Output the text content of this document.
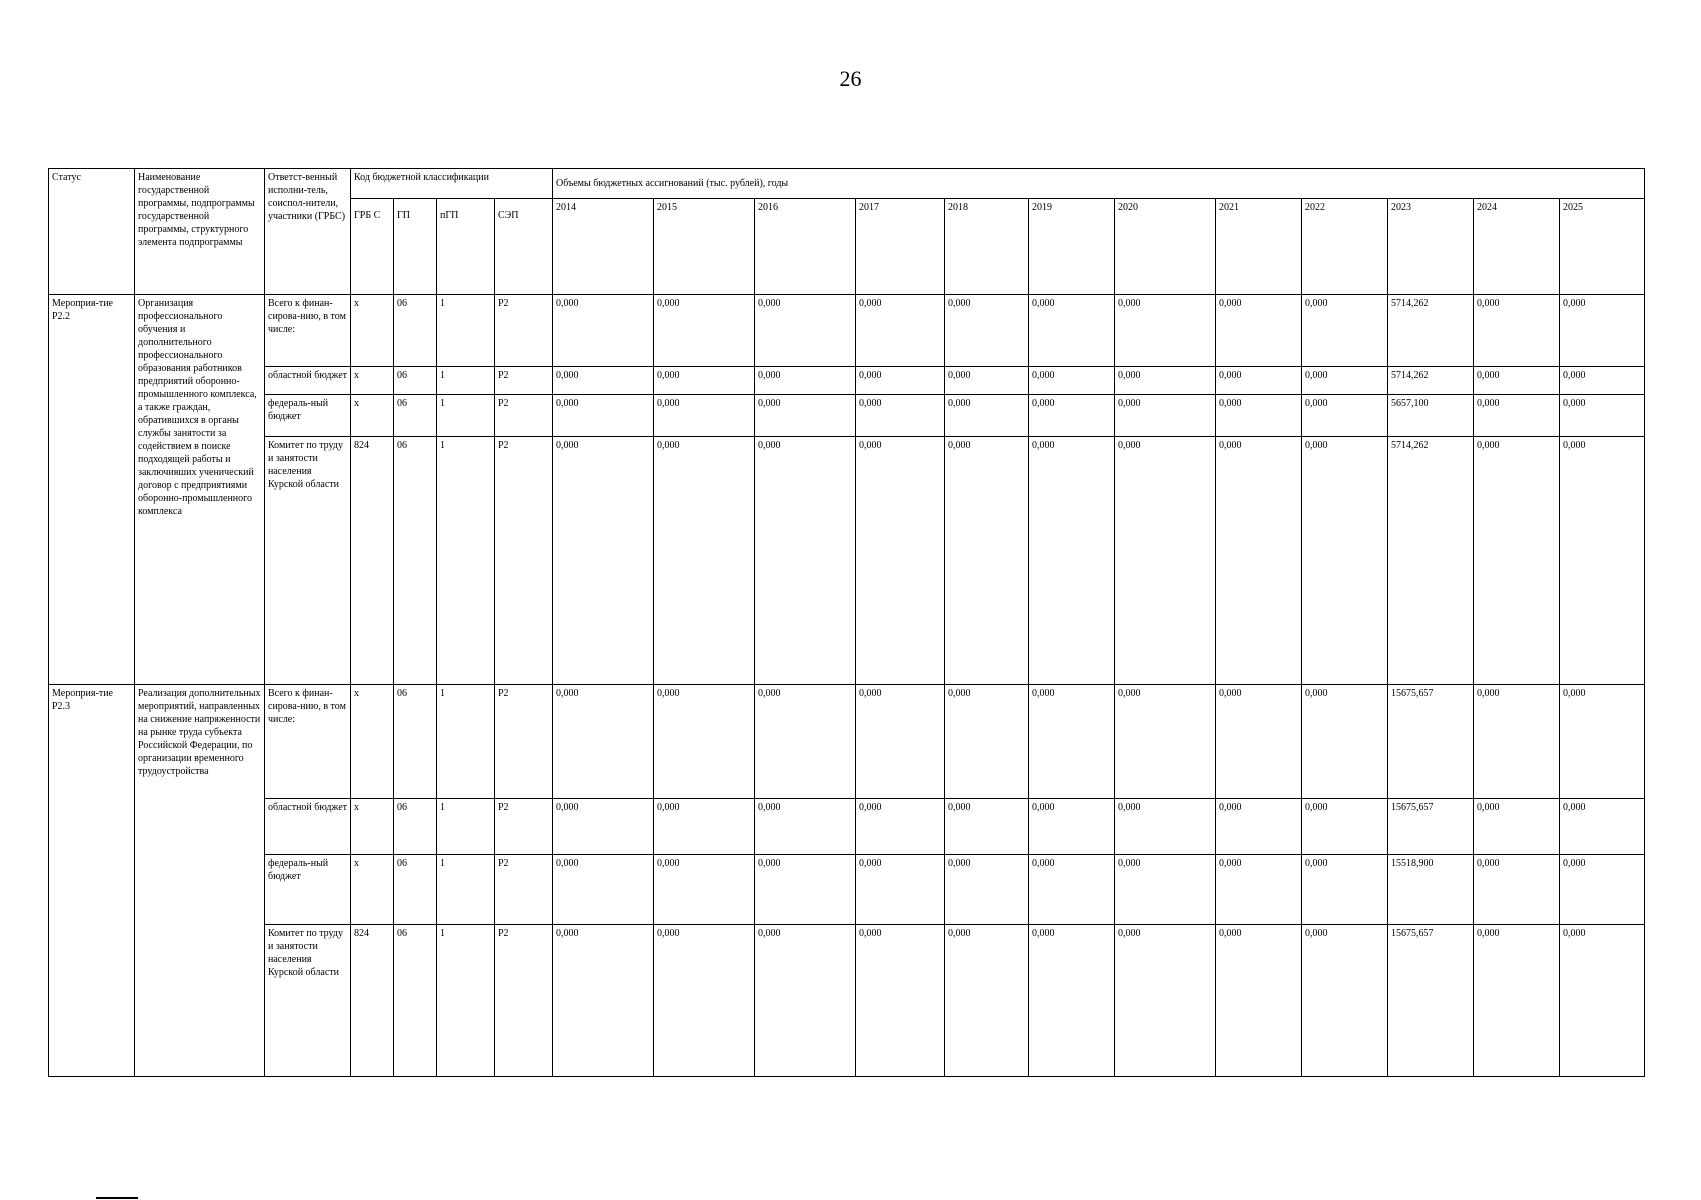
26
Статус	Наименование государственной программы, подпрограммы государственной программы, структурного элемента подпрограммы	Ответст-венный исполни-тель, соиспол-нители, участники (ГРБС)	Код бюджетной классификации				Объемы бюджетных ассигнований (тыс. рублей), годы											
			ГРБ С	ГП	пГП	СЭП	2014	2015	2016	2017	2018	2019	2020	2021	2022	2023	2024	2025
Мероприя-тие Р2.2	Организация профессионального обучения и дополнительного профессионального образования работников предприятий оборонно-промышленного комплекса, а также граждан, обратившихся в органы службы занятости за содействием в поиске подходящей работы и заключивших ученический договор с предприятиями оборонно-промышленного комплекса	Всего к финан-сирова-нию, в том числе:	х	06	1	Р2	0,000	0,000	0,000	0,000	0,000	0,000	0,000	0,000	0,000	5714,262	0,000	0,000
		областной бюджет	х	06	1	Р2	0,000	0,000	0,000	0,000	0,000	0,000	0,000	0,000	0,000	5714,262	0,000	0,000
		федераль-ный бюджет	х	06	1	Р2	0,000	0,000	0,000	0,000	0,000	0,000	0,000	0,000	0,000	5657,100	0,000	0,000
		Комитет по труду и занятости населения Курской области	824	06	1	Р2	0,000	0,000	0,000	0,000	0,000	0,000	0,000	0,000	0,000	5714,262	0,000	0,000
Мероприя-тие Р2.3	Реализация дополнительных мероприятий, направленных на снижение напряженности на рынке труда субъекта Российской Федерации, по организации временного трудоустройства	Всего к финан-сирова-нию, в том числе:	х	06	1	Р2	0,000	0,000	0,000	0,000	0,000	0,000	0,000	0,000	0,000	15675,657	0,000	0,000
		областной бюджет	х	06	1	Р2	0,000	0,000	0,000	0,000	0,000	0,000	0,000	0,000	0,000	15675,657	0,000	0,000
		федераль-ный бюджет	х	06	1	Р2	0,000	0,000	0,000	0,000	0,000	0,000	0,000	0,000	0,000	15518,900	0,000	0,000
		Комитет по труду и занятости населения Курской области	824	06	1	Р2	0,000	0,000	0,000	0,000	0,000	0,000	0,000	0,000	0,000	15675,657	0,000	0,000
